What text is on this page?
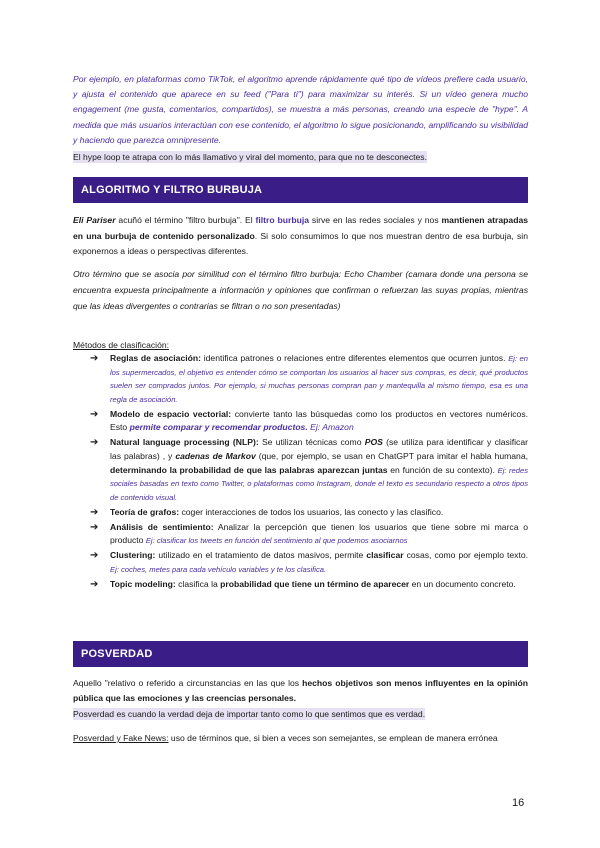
Por ejemplo, en plataformas como TikTok, el algoritmo aprende rápidamente qué tipo de vídeos prefiere cada usuario, y ajusta el contenido que aparece en su feed ("Para ti") para maximizar su interés. Si un vídeo genera mucho engagement (me gusta, comentarios, compartidos), se muestra a más personas, creando una especie de "hype". A medida que más usuarios interactúan con ese contenido, el algoritmo lo sigue posicionando, amplificando su visibilidad y haciendo que parezca omnipresente.
El hype loop te atrapa con lo más llamativo y viral del momento, para que no te desconectes.
ALGORITMO Y FILTRO BURBUJA
Eli Pariser acuñó el término "filtro burbuja". El filtro burbuja sirve en las redes sociales y nos mantienen atrapadas en una burbuja de contenido personalizado. Si solo consumimos lo que nos muestran dentro de esa burbuja, sin exponernos a ideas o perspectivas diferentes.
Otro término que se asocia por similitud con el término filtro burbuja: Echo Chamber (camara donde una persona se encuentra expuesta principalmente a información y opiniones que confirman o refuerzan las suyas propias, mientras que las ideas divergentes o contrarias se filtran o no son presentadas)
Métodos de clasificación:
➔ Reglas de asociación: identifica patrones o relaciones entre diferentes elementos que ocurren juntos. Ej: en los supermercados, el objetivo es entender cómo se comportan los usuarios al hacer sus compras, es decir, qué productos suelen ser comprados juntos. Por ejemplo, si muchas personas compran pan y mantequilla al mismo tiempo, esa es una regla de asociación.
➔ Modelo de espacio vectorial: convierte tanto las búsquedas como los productos en vectores numéricos. Esto permite comparar y recomendar productos. Ej: Amazon
➔ Natural language processing (NLP): Se utilizan técnicas como POS (se utiliza para identificar y clasificar las palabras) , y cadenas de Markov (que, por ejemplo, se usan en ChatGPT para imitar el habla humana, determinando la probabilidad de que las palabras aparezcan juntas en función de su contexto). Ej: redes sociales basadas en texto como Twitter, o plataformas como Instagram, donde el texto es secundario respecto a otros tipos de contenido visual.
➔ Teoría de grafos: coger interacciones de todos los usuarios, las conecto y las clasifico.
➔ Análisis de sentimiento: Analizar la percepción que tienen los usuarios que tiene sobre mi marca o producto Ej: clasificar los tweets en función del sentimiento al que podemos asociarnos
➔ Clustering: utilizado en el tratamiento de datos masivos, permite clasificar cosas, como por ejemplo texto. Ej: coches, metes para cada vehículo variables y te los clasifica.
➔ Topic modeling: clasifica la probabilidad que tiene un término de aparecer en un documento concreto.
POSVERDAD
Aquello "relativo o referido a circunstancias en las que los hechos objetivos son menos influyentes en la opinión pública que las emociones y las creencias personales.
Posverdad es cuando la verdad deja de importar tanto como lo que sentimos que es verdad.
Posverdad y Fake News: uso de términos que, si bien a veces son semejantes, se emplean de manera errónea
16
